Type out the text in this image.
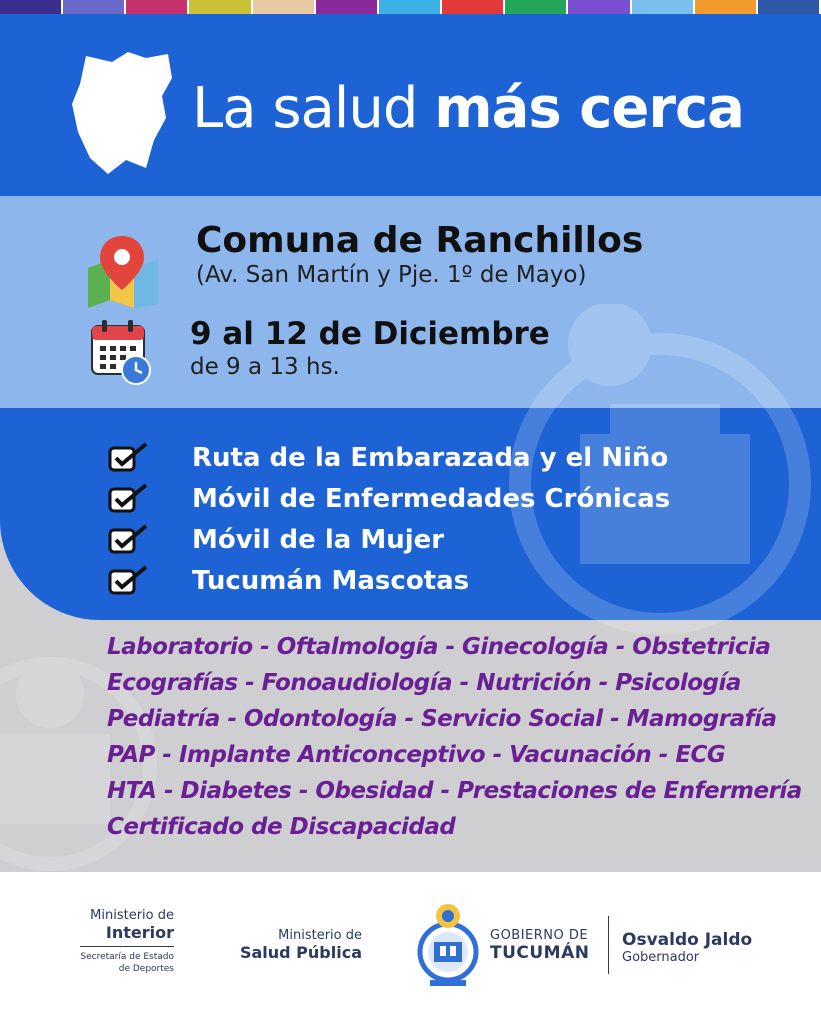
La salud más cerca
Comuna de Ranchillos
(Av. San Martín y Pje. 1º de Mayo)
9 al 12 de Diciembre
de 9 a 13 hs.
Ruta de la Embarazada y el Niño
Móvil de Enfermedades Crónicas
Móvil de la Mujer
Tucumán Mascotas
Laboratorio - Oftalmología - Ginecología - Obstetricia
Ecografías - Fonoaudiología - Nutrición - Psicología
Pediatría - Odontología - Servicio Social - Mamografía
PAP - Implante Anticonceptivo - Vacunación - ECG
HTA - Diabetes - Obesidad - Prestaciones de Enfermería
Certificado de Discapacidad
Ministerio de
Interior
Secretaría de Estado
de Deportes
Ministerio de
Salud Pública
GOBIERNO DE
TUCUMÁN
Osvaldo Jaldo
Gobernador
